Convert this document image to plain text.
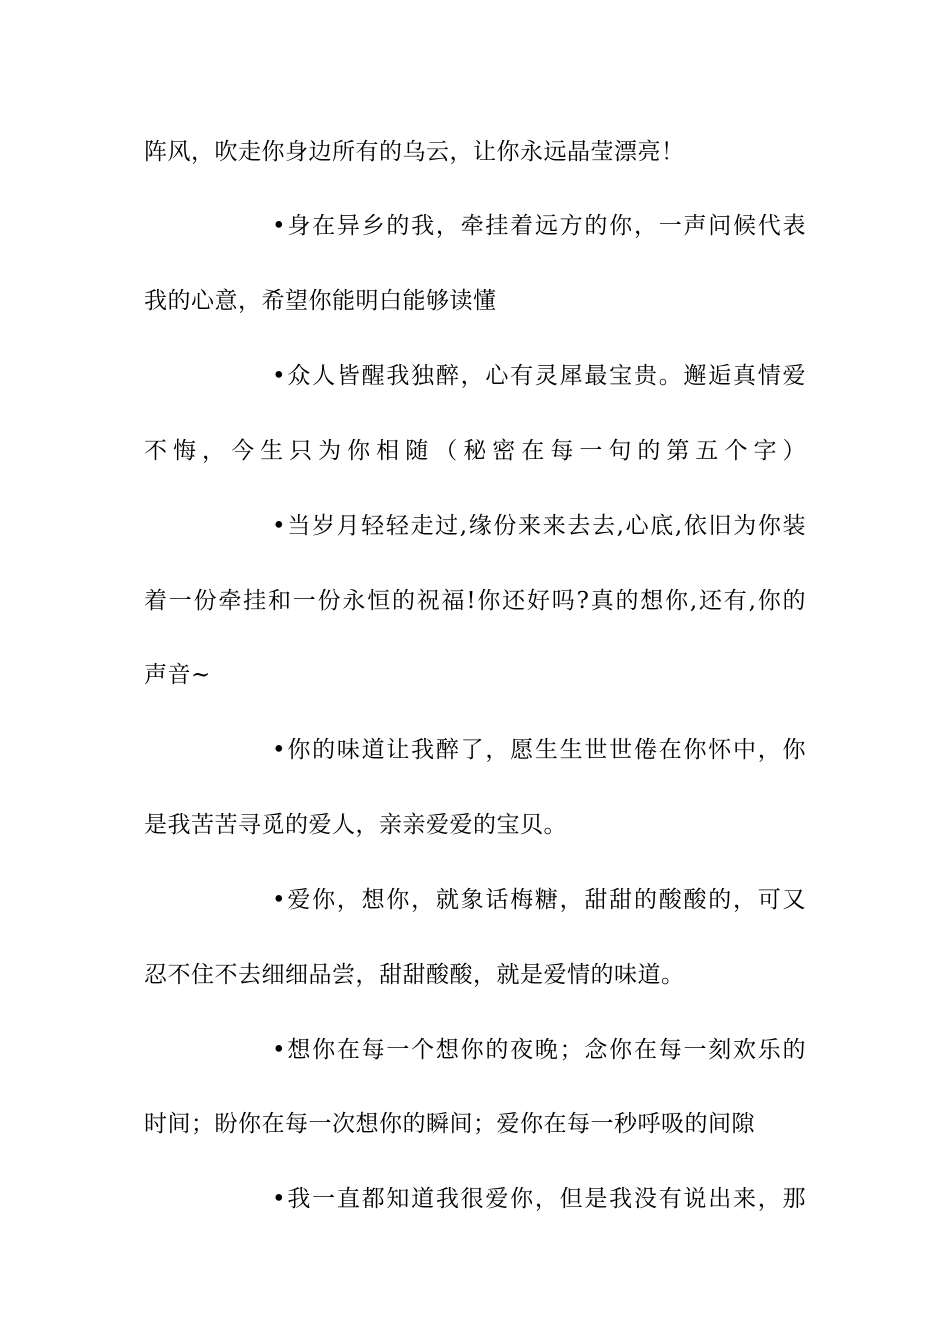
阵风，吹走你身边所有的乌云，让你永远晶莹漂亮！
•身在异乡的我，牵挂着远方的你，一声问候代表
我的心意，希望你能明白能够读懂
•众人皆醒我独醉，心有灵犀最宝贵。邂逅真情爱
不悔，今生只为你相随（秘密在每一句的第五个字）
•当岁月轻轻走过,缘份来来去去,心底,依旧为你装
着一份牵挂和一份永恒的祝福!你还好吗?真的想你,还有,你的
声音~
•你的味道让我醉了，愿生生世世倦在你怀中，你
是我苦苦寻觅的爱人，亲亲爱爱的宝贝。
•爱你，想你，就象话梅糖，甜甜的酸酸的，可又
忍不住不去细细品尝，甜甜酸酸，就是爱情的味道。
•想你在每一个想你的夜晚；念你在每一刻欢乐的
时间；盼你在每一次想你的瞬间；爱你在每一秒呼吸的间隙
•我一直都知道我很爱你，但是我没有说出来，那
